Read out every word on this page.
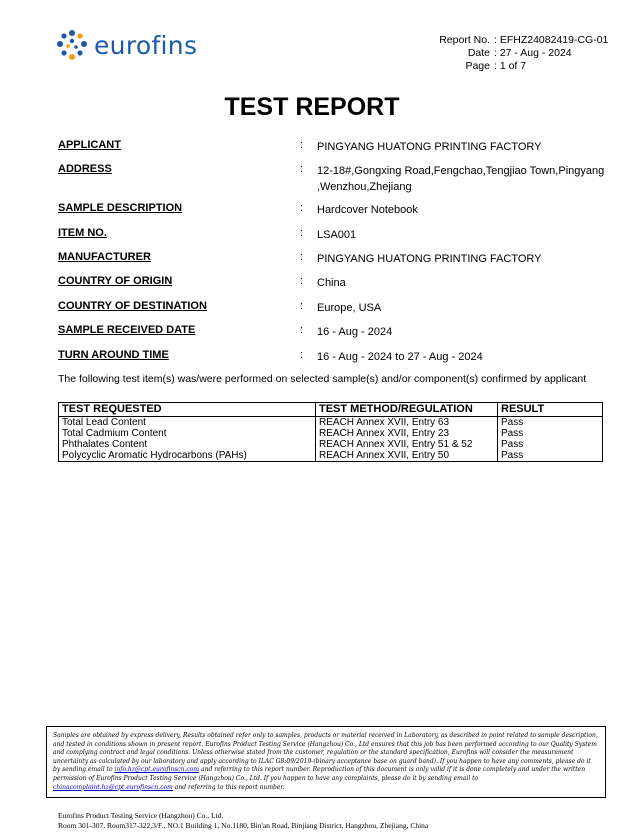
eurofins	Report No. : EFHZ24082419-CG-01
Date : 27 - Aug - 2024
Page : 1 of 7
TEST REPORT
APPLICANT	: PINGYANG HUATONG PRINTING FACTORY
ADDRESS	: 12-18#,Gongxing Road,Fengchao,Tengjiao Town,Pingyang ,Wenzhou,Zhejiang
SAMPLE DESCRIPTION	: Hardcover Notebook
ITEM NO.	: LSA001
MANUFACTURER	: PINGYANG HUATONG PRINTING FACTORY
COUNTRY OF ORIGIN	: China
COUNTRY OF DESTINATION	: Europe, USA
SAMPLE RECEIVED DATE	: 16 - Aug - 2024
TURN AROUND TIME	: 16 - Aug - 2024 to 27 - Aug - 2024
The following test item(s) was/were performed on selected sample(s) and/or component(s) confirmed by applicant
TEST REQUESTED	TEST METHOD/REGULATION	RESULT
Total Lead Content	REACH Annex XVII, Entry 63	Pass
Total Cadmium Content	REACH Annex XVII, Entry 23	Pass
Phthalates Content	REACH Annex XVII, Entry 51 & 52	Pass
Polycyclic Aromatic Hydrocarbons (PAHs)	REACH Annex XVII, Entry 50	Pass
Samples are obtained by express delivery, Results obtained refer only to samples, products or material received in Laboratory, as described in point related to sample description, and tested in conditions shown in present report. Eurofins Product Testing Service (Hangzhou) Co., Ltd ensures that this job has been performed according to our Quality System and complying contract and legal conditions. Unless otherwise stated from the customer, regulation or the standard specification, Eurofins will consider the measurement uncertainty as calculated by our laboratory and apply according to ILAC G8:09/2019-(binary acceptance base on guard band). If you happen to have any comments, please do it by sending email to info.hz@cpt.eurofinscn.com and referring to this report number. Reproduction of this document is only valid if it is done completely and under the written permission of Eurofins Product Testing Service (Hangzhou) Co., Ltd. If you happen to have any complaints, please do it by sending email to chinacomplaint.hz@cpt.eurofinscn.com and referring to this report number.
Eurofins Product Testing Service (Hangzhou) Co., Ltd.
Room 301-307, Room317-322,3/F., NO.1 Building 1, No.1180, Bin'an Road, Binjiang District, Hangzhou, Zhejiang, China
